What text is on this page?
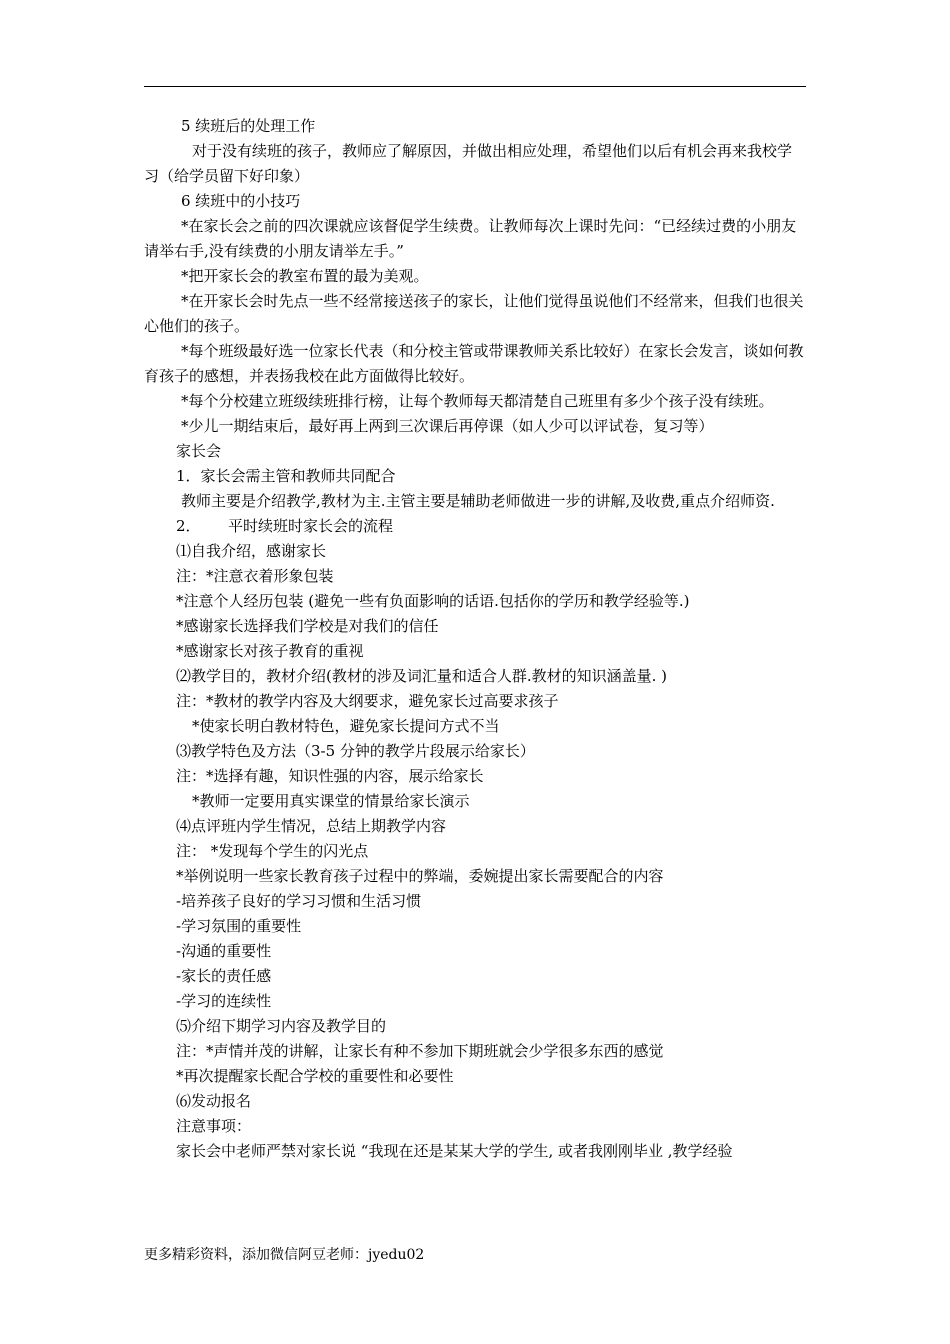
5 续班后的处理工作

对于没有续班的孩子，教师应了解原因，并做出相应处理，希望他们以后有机会再来我校学习（给学员留下好印象）

6 续班中的小技巧

*在家长会之前的四次课就应该督促学生续费。让教师每次上课时先问：“已经续过费的小朋友请举右手,没有续费的小朋友请举左手。”

*把开家长会的教室布置的最为美观。

*在开家长会时先点一些不经常接送孩子的家长，让他们觉得虽说他们不经常来，但我们也很关心他们的孩子。

*每个班级最好选一位家长代表（和分校主管或带课教师关系比较好）在家长会发言，谈如何教育孩子的感想，并表扬我校在此方面做得比较好。

*每个分校建立班级续班排行榜，让每个教师每天都清楚自己班里有多少个孩子没有续班。

*少儿一期结束后，最好再上两到三次课后再停课（如人少可以评试卷，复习等）

家长会

1．家长会需主管和教师共同配合

教师主要是介绍教学,教材为主.主管主要是辅助老师做进一步的讲解,及收费,重点介绍师资.

2． 平时续班时家长会的流程

⑴自我介绍，感谢家长

注：*注意衣着形象包装

*注意个人经历包装 (避免一些有负面影响的话语.包括你的学历和教学经验等.)

*感谢家长选择我们学校是对我们的信任

*感谢家长对孩子教育的重视

⑵教学目的，教材介绍(教材的涉及词汇量和适合人群.教材的知识涵盖量. )

注：*教材的教学内容及大纲要求，避免家长过高要求孩子

*使家长明白教材特色，避免家长提问方式不当

⑶教学特色及方法（3-5 分钟的教学片段展示给家长）

注：*选择有趣，知识性强的内容，展示给家长

*教师一定要用真实课堂的情景给家长演示

⑷点评班内学生情况，总结上期教学内容

注： *发现每个学生的闪光点

*举例说明一些家长教育孩子过程中的弊端，委婉提出家长需要配合的内容

-培养孩子良好的学习习惯和生活习惯

-学习氛围的重要性

-沟通的重要性

-家长的责任感

-学习的连续性

⑸介绍下期学习内容及教学目的

注：*声情并茂的讲解，让家长有种不参加下期班就会少学很多东西的感觉

*再次提醒家长配合学校的重要性和必要性

⑹发动报名

注意事项：

家长会中老师严禁对家长说 “我现在还是某某大学的学生, 或者我刚刚毕业 ,教学经验

更多精彩资料，添加微信阿豆老师：jyedu02
